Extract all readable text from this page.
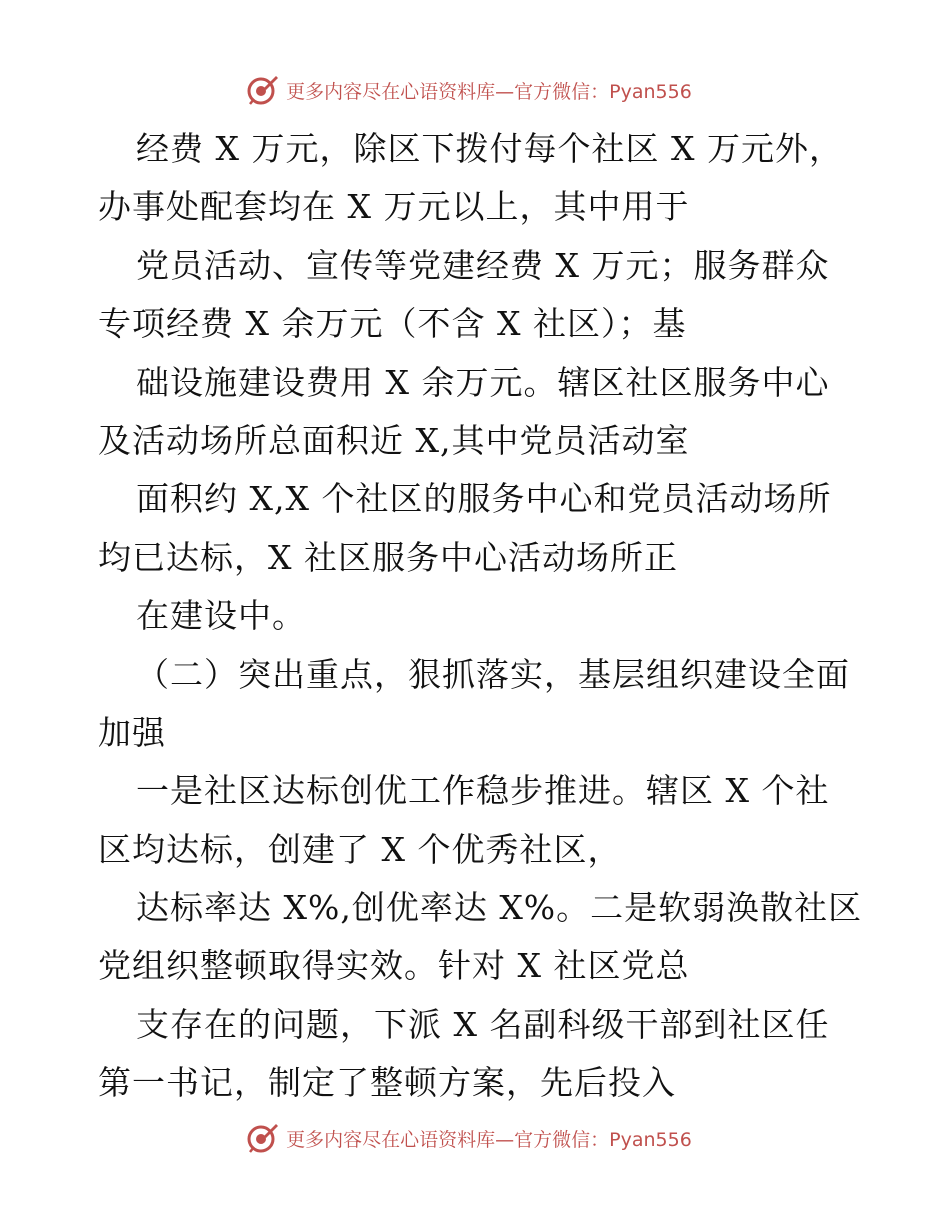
更多内容尽在心语资料库—官方微信：Pyan556
经费 X 万元，除区下拨付每个社区 X 万元外，
办事处配套均在 X 万元以上，其中用于
党员活动、宣传等党建经费 X 万元；服务群众
专项经费 X 余万元（不含 X 社区）；基
础设施建设费用 X 余万元。辖区社区服务中心
及活动场所总面积近 X,其中党员活动室
面积约 X,X 个社区的服务中心和党员活动场所
均已达标，X 社区服务中心活动场所正
在建设中。
（二）突出重点，狠抓落实，基层组织建设全面
加强
一是社区达标创优工作稳步推进。辖区 X 个社
区均达标，创建了 X 个优秀社区，
达标率达 X%,创优率达 X%。二是软弱涣散社区
党组织整顿取得实效。针对 X 社区党总
支存在的问题，下派 X 名副科级干部到社区任
第一书记，制定了整顿方案，先后投入
更多内容尽在心语资料库—官方微信：Pyan556
